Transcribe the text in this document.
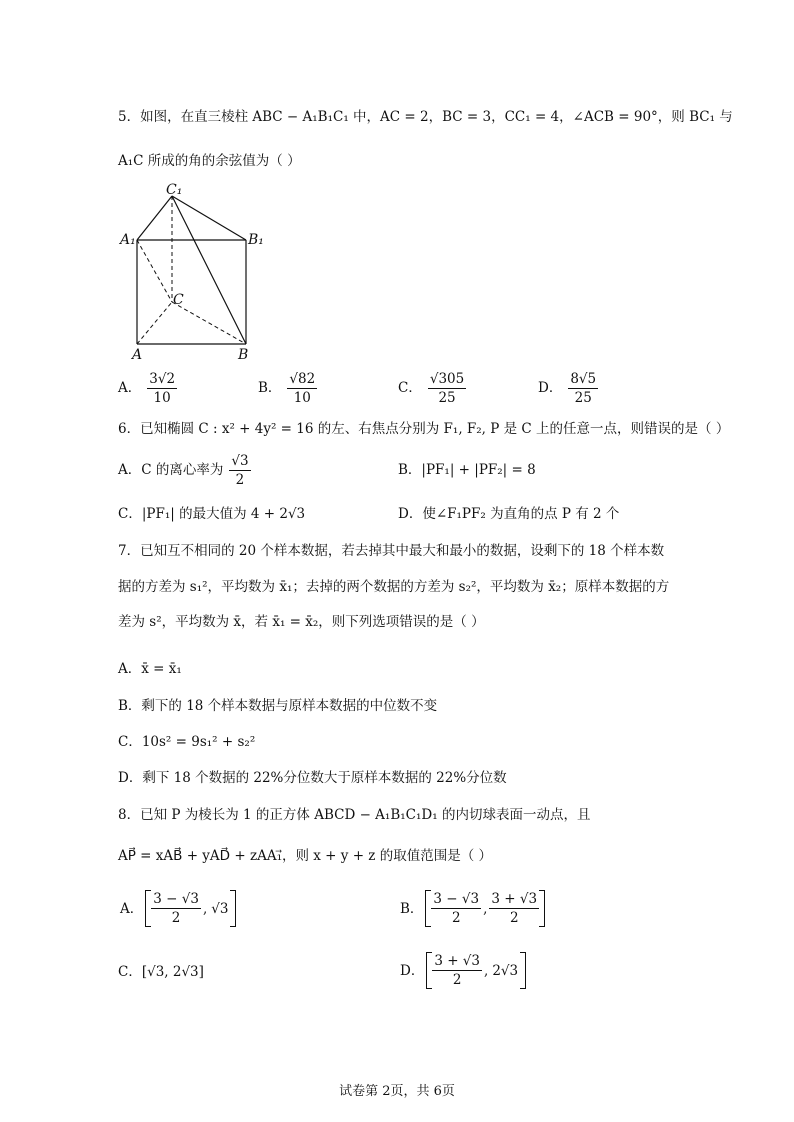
5．如图，在直三棱柱 ABC − A₁B₁C₁ 中，AC = 2，BC = 3，CC₁ = 4，∠ACB = 90°，则 BC₁ 与
A₁C 所成的角的余弦值为（ ）
C₁
A₁	B₁
C
A	B
A． $\frac{3√2}{10}$	B． $\frac{√82}{10}$	C． $\frac{√305}{25}$	D． $\frac{8√5}{25}$
6．已知椭圆 C : x² + 4y² = 16 的左、右焦点分别为 F₁, F₂, P 是 C 上的任意一点，则错误的是（ ）
A．C 的离心率为 $\frac{√3}{2}$	B．|PF₁| + |PF₂| = 8
C．|PF₁| 的最大值为 4 + 2√3	D．使∠F₁PF₂ 为直角的点 P 有 2 个
7．已知互不相同的 20 个样本数据，若去掉其中最大和最小的数据，设剩下的 18 个样本数
据的方差为 s₁²，平均数为 x̄₁；去掉的两个数据的方差为 s₂²，平均数为 x̄₂；原样本数据的方
差为 s²，平均数为 x̄，若 x̄₁ = x̄₂，则下列选项错误的是（ ）
A．x̄ = x̄₁
B．剩下的 18 个样本数据与原样本数据的中位数不变
C．10s² = 9s₁² + s₂²
D．剩下 18 个数据的 22%分位数大于原样本数据的 22%分位数
8．已知 P 为棱长为 1 的正方体 ABCD − A₁B₁C₁D₁ 的内切球表面一动点，且
AP⃗ = xAB⃗ + yAD⃗ + zAA₁⃗，则 x + y + z 的取值范围是（ ）
A． $\frac{3 - √3}{2}$ , √3	B． $\frac{3 - √3}{2}$ , $\frac{3 + √3}{2}$
C．[√3, 2√3]	D． $\frac{3 + √3}{2}$ , 2√3
试卷第 2页，共 6页
